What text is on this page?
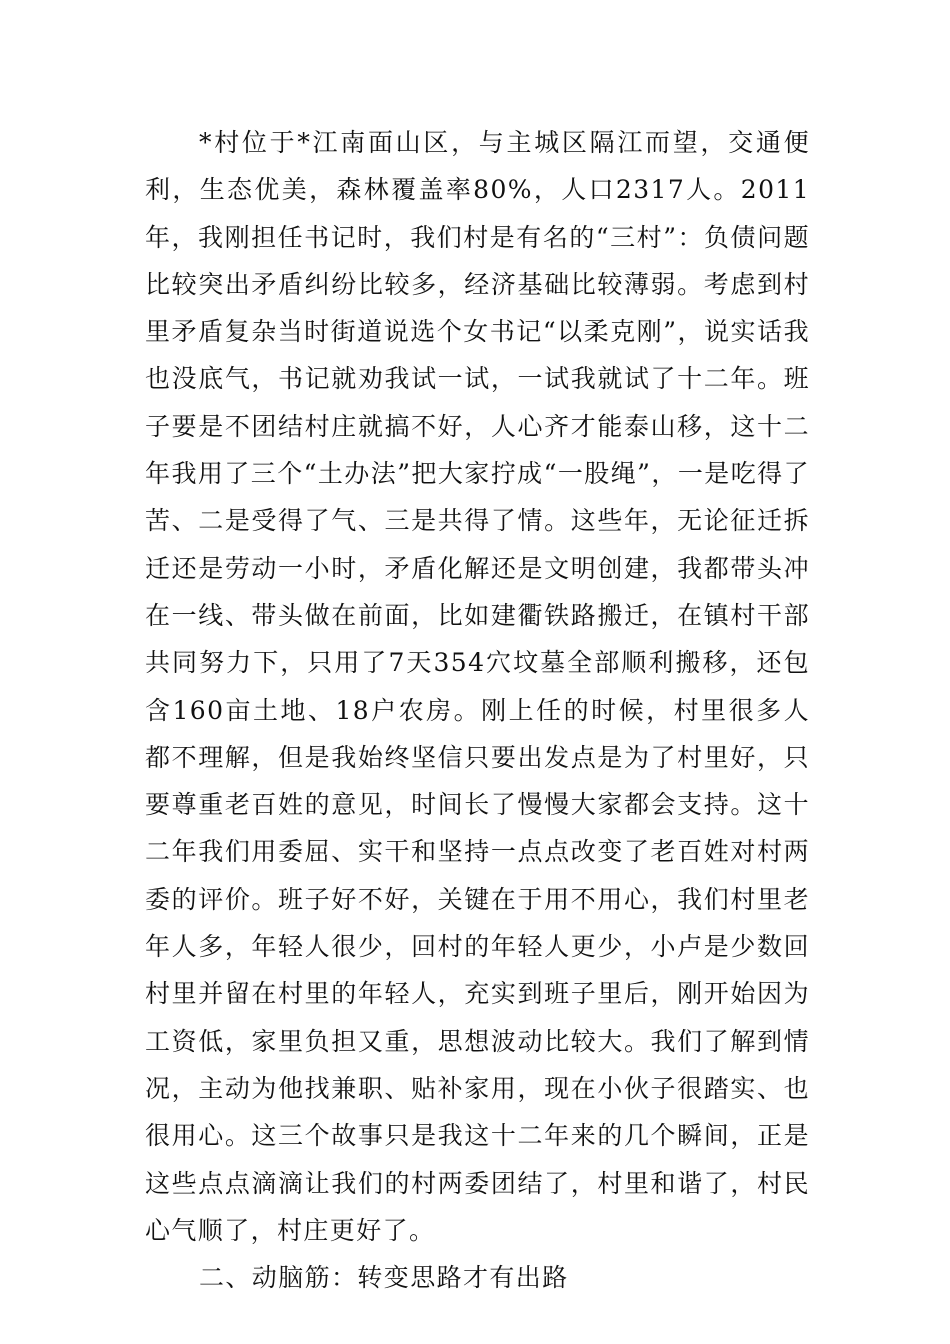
*村位于*江南面山区，与主城区隔江而望，交通便利，生态优美，森林覆盖率80%，人口2317人。2011年，我刚担任书记时，我们村是有名的“三村”：负债问题比较突出矛盾纠纷比较多，经济基础比较薄弱。考虑到村里矛盾复杂当时街道说选个女书记“以柔克刚”，说实话我也没底气，书记就劝我试一试，一试我就试了十二年。班子要是不团结村庄就搞不好，人心齐才能泰山移，这十二年我用了三个“土办法”把大家拧成“一股绳”，一是吃得了苦、二是受得了气、三是共得了情。这些年，无论征迁拆迁还是劳动一小时，矛盾化解还是文明创建，我都带头冲在一线、带头做在前面，比如建衢铁路搬迁，在镇村干部共同努力下，只用了7天354穴坟墓全部顺利搬移，还包含160亩土地、18户农房。刚上任的时候，村里很多人都不理解，但是我始终坚信只要出发点是为了村里好，只要尊重老百姓的意见，时间长了慢慢大家都会支持。这十二年我们用委屈、实干和坚持一点点改变了老百姓对村两委的评价。班子好不好，关键在于用不用心，我们村里老年人多，年轻人很少，回村的年轻人更少，小卢是少数回村里并留在村里的年轻人，充实到班子里后，刚开始因为工资低，家里负担又重，思想波动比较大。我们了解到情况，主动为他找兼职、贴补家用，现在小伙子很踏实、也很用心。这三个故事只是我这十二年来的几个瞬间，正是这些点点滴滴让我们的村两委团结了，村里和谐了，村民心气顺了，村庄更好了。

二、动脑筋：转变思路才有出路
